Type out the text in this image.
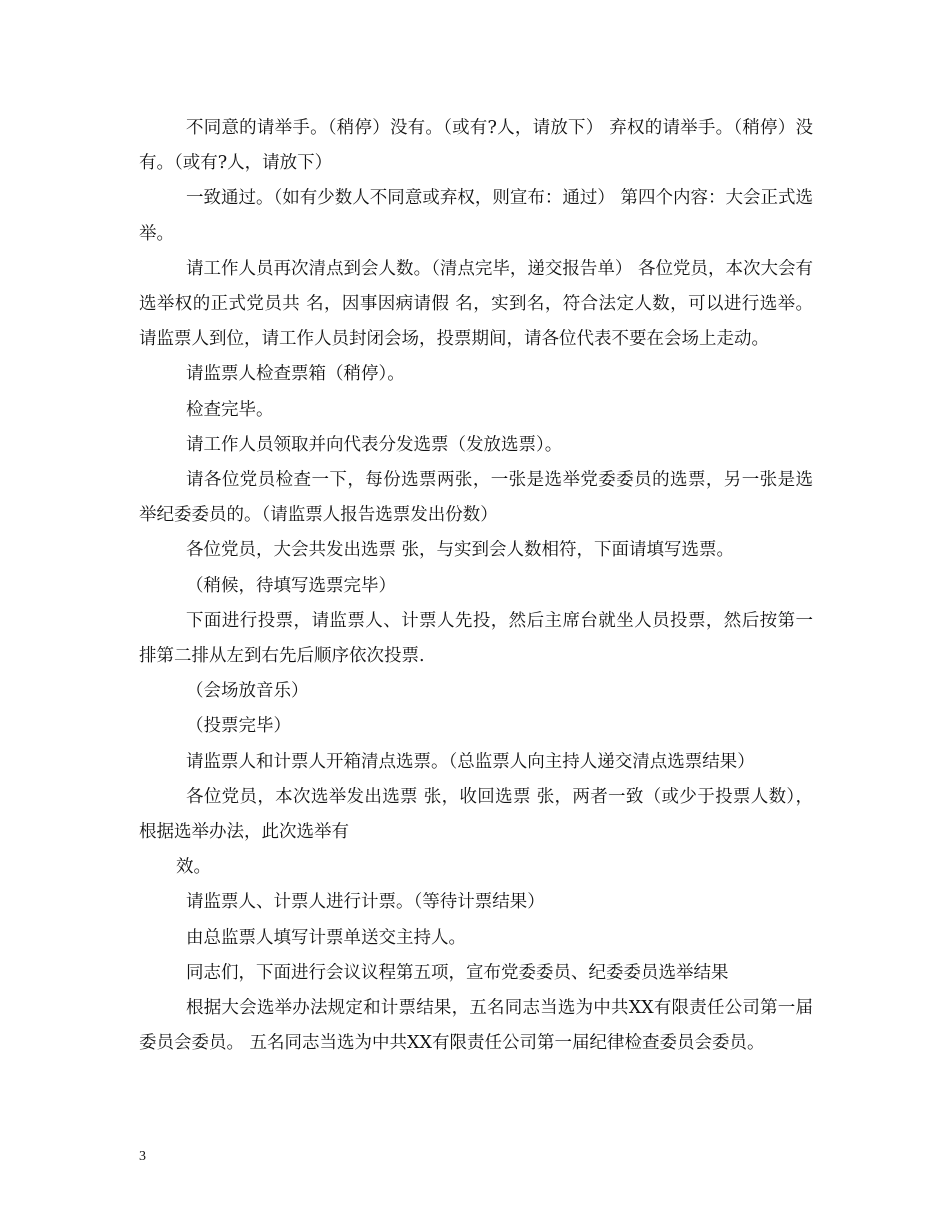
不同意的请举手。（稍停）没有。（或有?人，请放下） 弃权的请举手。（稍停）没有。（或有?人，请放下）

一致通过。（如有少数人不同意或弃权，则宣布：通过） 第四个内容：大会正式选举。

请工作人员再次清点到会人数。（清点完毕，递交报告单） 各位党员，本次大会有选举权的正式党员共 名，因事因病请假 名，实到名，符合法定人数，可以进行选举。请监票人到位，请工作人员封闭会场，投票期间，请各位代表不要在会场上走动。

请监票人检查票箱（稍停）。

检查完毕。

请工作人员领取并向代表分发选票（发放选票）。

请各位党员检查一下，每份选票两张，一张是选举党委委员的选票，另一张是选举纪委委员的。（请监票人报告选票发出份数）

各位党员，大会共发出选票 张，与实到会人数相符，下面请填写选票。

（稍候，待填写选票完毕）

下面进行投票，请监票人、计票人先投，然后主席台就坐人员投票，然后按第一排第二排从左到右先后顺序依次投票.

（会场放音乐）

（投票完毕）

请监票人和计票人开箱清点选票。（总监票人向主持人递交清点选票结果）

各位党员，本次选举发出选票 张，收回选票 张，两者一致（或少于投票人数），根据选举办法，此次选举有

效。

请监票人、计票人进行计票。（等待计票结果）

由总监票人填写计票单送交主持人。

同志们，下面进行会议议程第五项，宣布党委委员、纪委委员选举结果

根据大会选举办法规定和计票结果，五名同志当选为中共XX有限责任公司第一届委员会委员。 五名同志当选为中共XX有限责任公司第一届纪律检查委员会委员。

3
